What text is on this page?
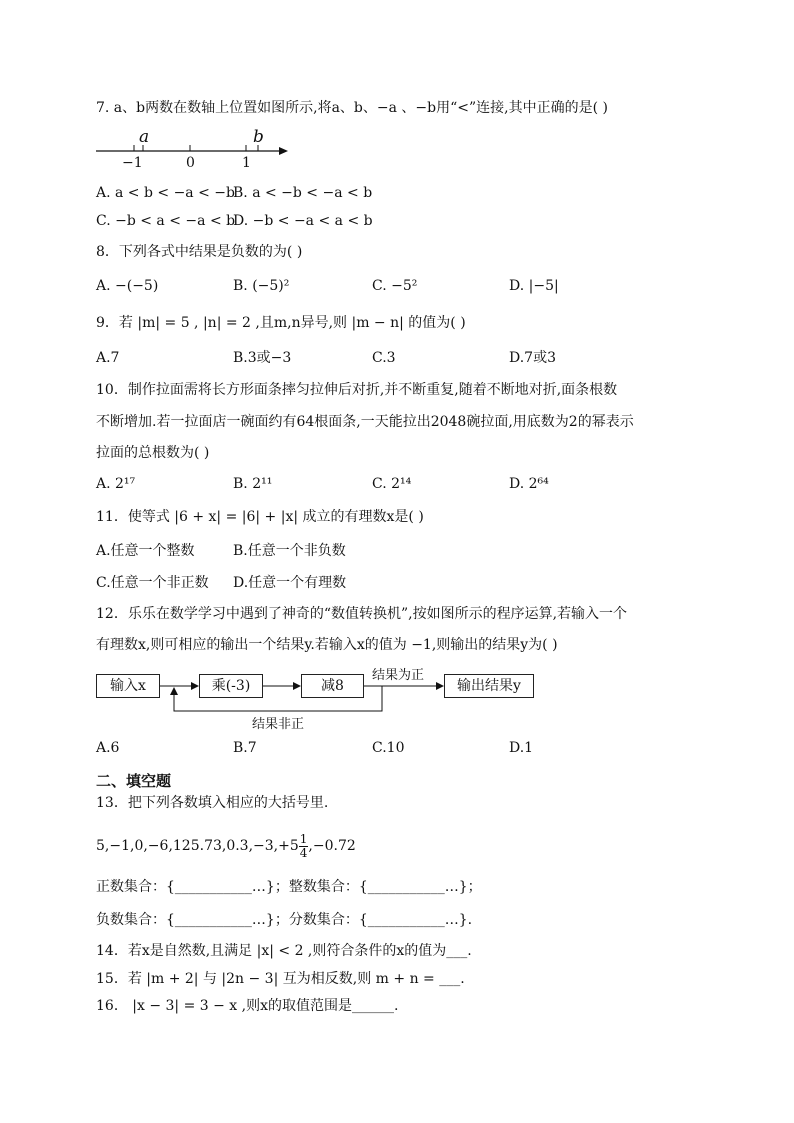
7. a、b两数在数轴上位置如图所示,将a、b、−a 、−b用“<”连接,其中正确的是( )
a	b
−1	0	1
A. a < b < −a < −b
B. a < −b < −a < b
C. −b < a < −a < b
D. −b < −a < a < b
8．下列各式中结果是负数的为( )
A. −(−5)	B. (−5)²	C. −5²	D. |−5|
9．若 |m| = 5 , |n| = 2 ,且m,n异号,则 |m − n| 的值为( )
A.7	B.3或−3	C.3	D.7或3
10．制作拉面需将长方形面条摔匀拉伸后对折,并不断重复,随着不断地对折,面条根数
不断增加.若一拉面店一碗面约有64根面条,一天能拉出2048碗拉面,用底数为2的幂表示
拉面的总根数为( )
A. 2¹⁷	B. 2¹¹	C. 2¹⁴	D. 2⁶⁴
11．使等式 |6 + x| = |6| + |x| 成立的有理数x是( )
A.任意一个整数	B.任意一个非负数
C.任意一个非正数 D.任意一个有理数
12．乐乐在数学学习中遇到了神奇的“数值转换机”,按如图所示的程序运算,若输入一个
有理数x,则可相应的输出一个结果y.若输入x的值为 −1,则输出的结果y为( )
输入x	乘(-3)	减8	输出结果y
结果为正
结果非正
A.6	B.7	C.10	D.1
二、填空题
13．把下列各数填入相应的大括号里.
$5,-1,0,-6,125.73,0.3,-3,+5 \frac{1}{4} ,-0.72$
正数集合：{___________…}；整数集合：{___________…}；
负数集合：{___________…}；分数集合：{___________…}.
14．若x是自然数,且满足 |x| < 2 ,则符合条件的x的值为___.
15．若 |m + 2| 与 |2n − 3| 互为相反数,则 m + n = ___.
16． |x − 3| = 3 − x ,则x的取值范围是______.
